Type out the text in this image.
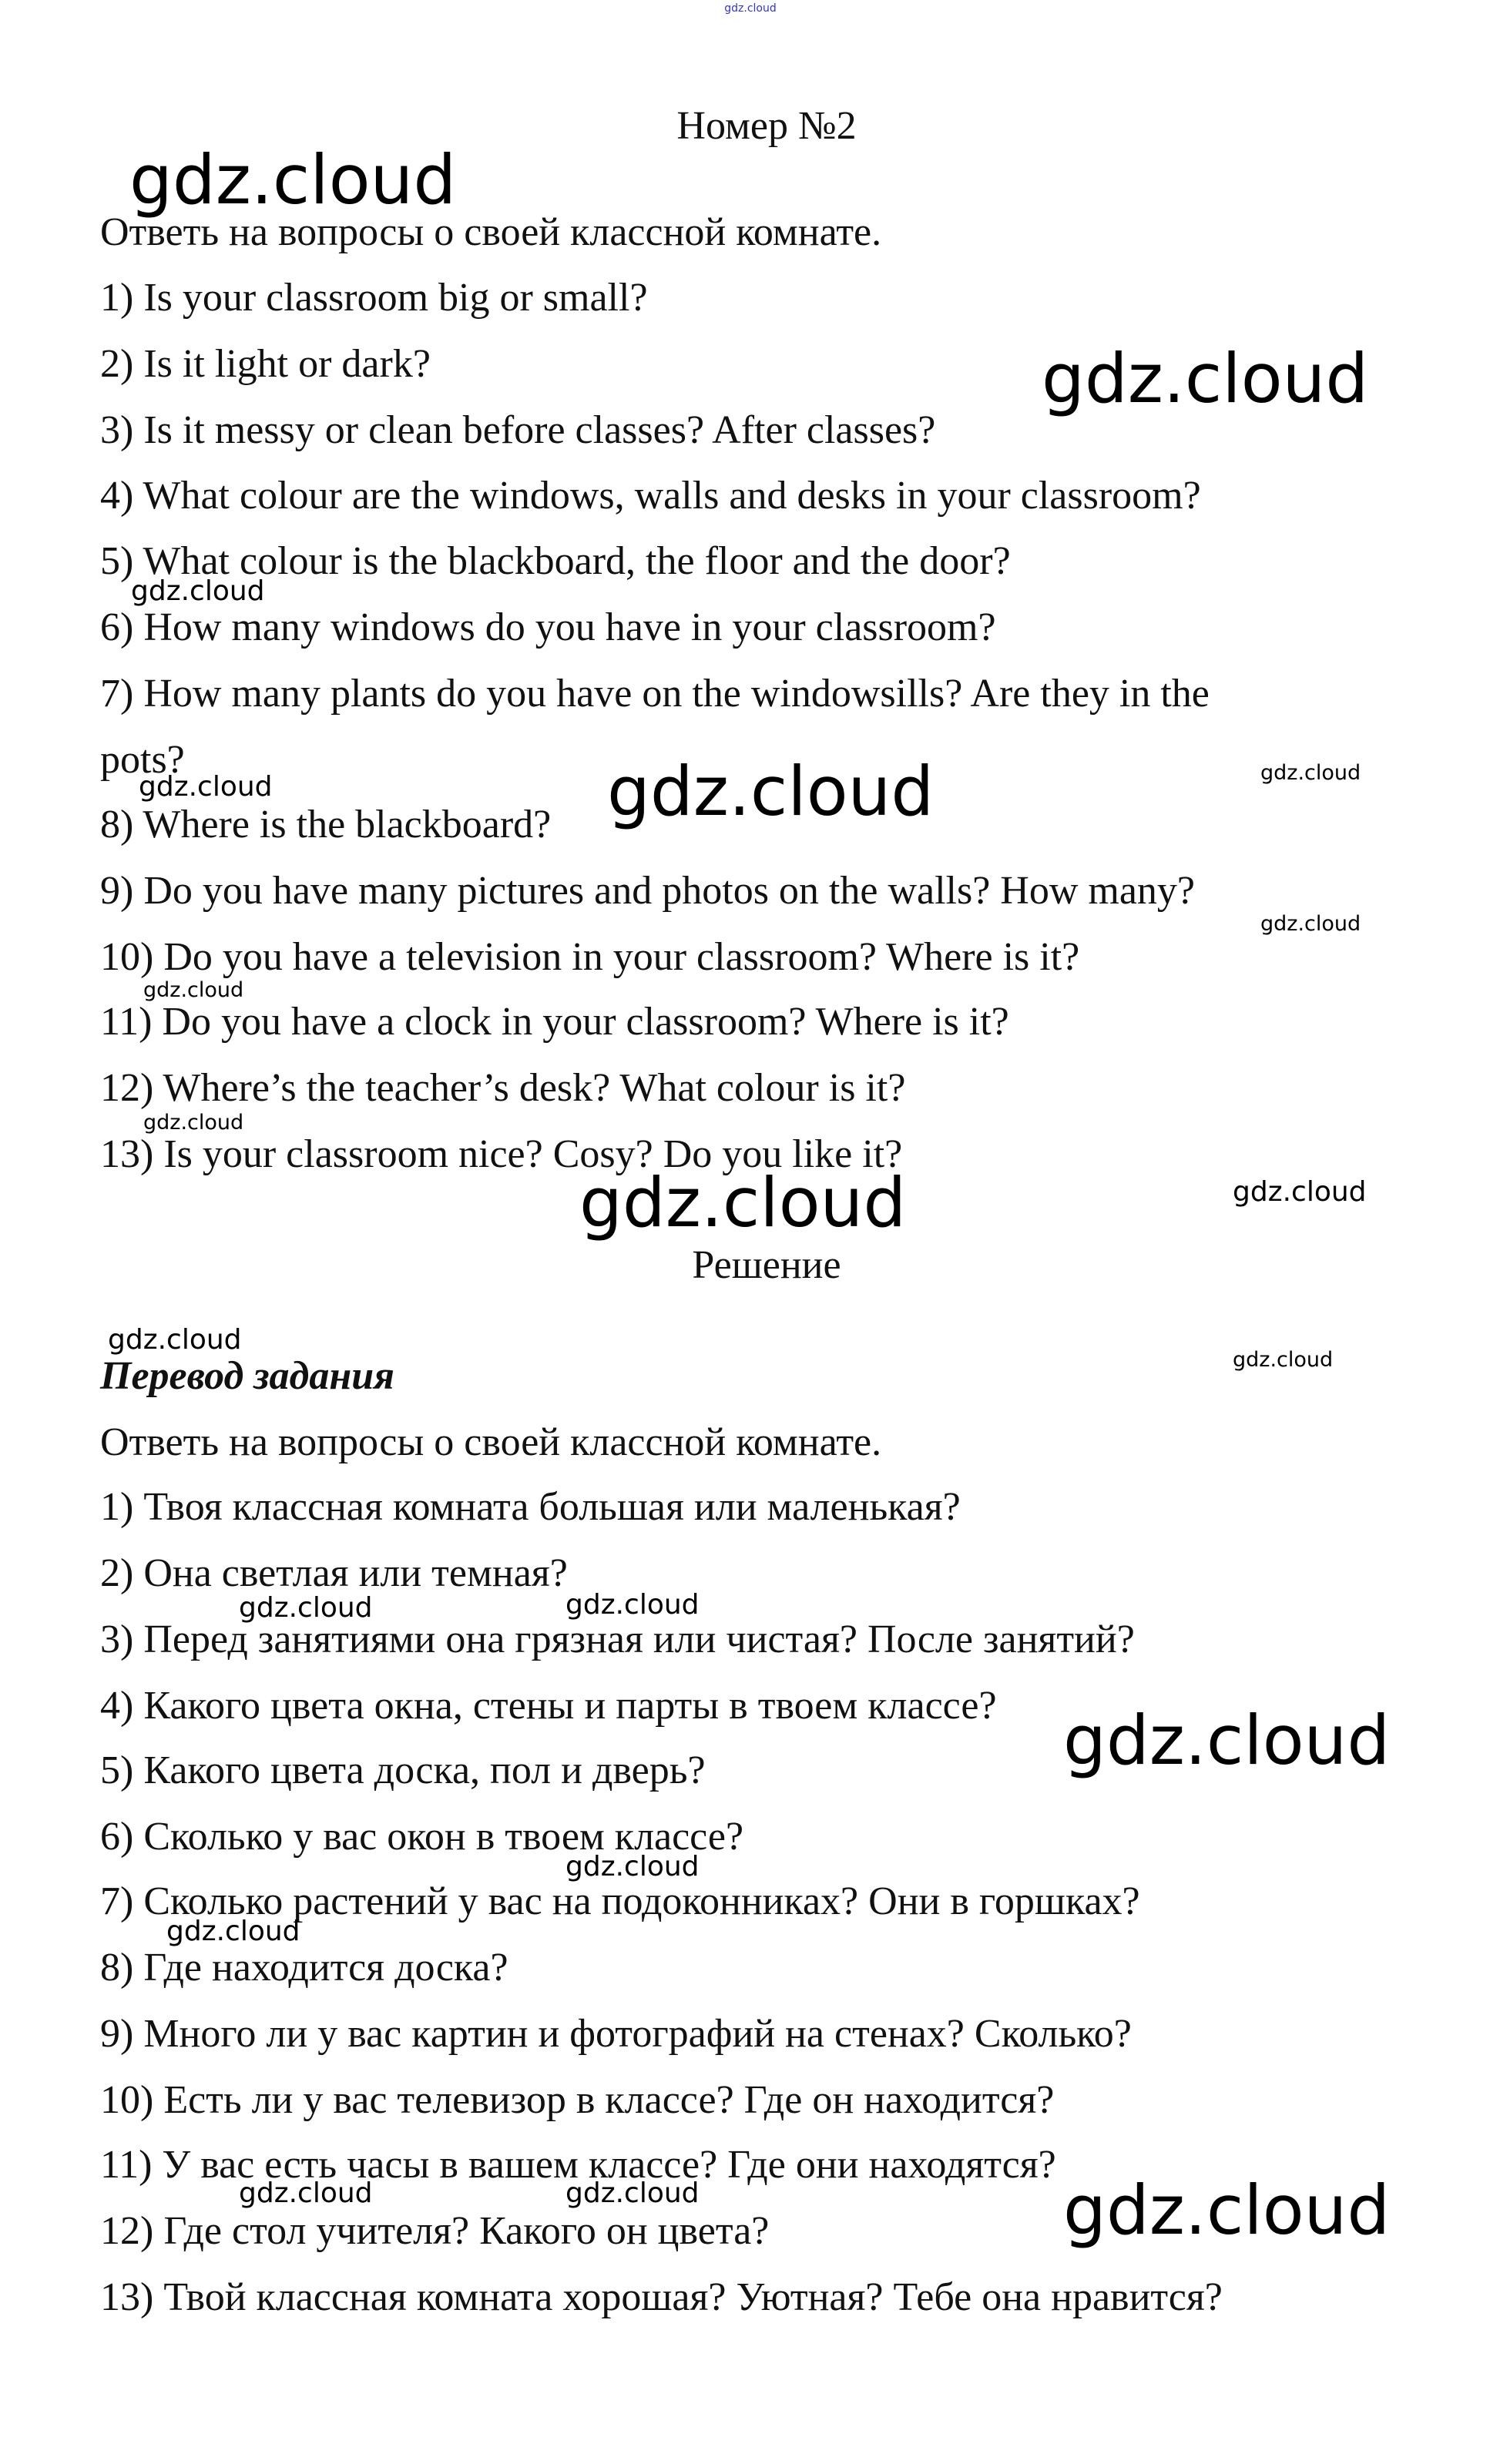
gdz.cloud
Номер №2
Ответь на вопросы о своей классной комнате.
1) Is your classroom big or small?
2) Is it light or dark?
3) Is it messy or clean before classes? After classes?
4) What colour are the windows, walls and desks in your classroom?
5) What colour is the blackboard, the floor and the door?
6) How many windows do you have in your classroom?
7) How many plants do you have on the windowsills? Are they in the
pots?
8) Where is the blackboard?
9) Do you have many pictures and photos on the walls? How many?
10) Do you have a television in your classroom? Where is it?
11) Do you have a clock in your classroom? Where is it?
12) Where’s the teacher’s desk? What colour is it?
13) Is your classroom nice? Cosy? Do you like it?
Решение
Перевод задания
Ответь на вопросы о своей классной комнате.
1) Твоя классная комната большая или маленькая?
2) Она светлая или темная?
3) Перед занятиями она грязная или чистая? После занятий?
4) Какого цвета окна, стены и парты в твоем классе?
5) Какого цвета доска, пол и дверь?
6) Сколько у вас окон в твоем классе?
7) Сколько растений у вас на подоконниках? Они в горшках?
8) Где находится доска?
9) Много ли у вас картин и фотографий на стенах? Сколько?
10) Есть ли у вас телевизор в классе? Где он находится?
11) У вас есть часы в вашем классе? Где они находятся?
12) Где стол учителя? Какого он цвета?
13) Твой классная комната хорошая? Уютная? Тебе она нравится?
gdz.cloud
gdz.cloud
gdz.cloud
gdz.cloud	gdz.cloud	gdz.cloud
gdz.cloud
gdz.cloud
gdz.cloud
gdz.cloud	gdz.cloud
gdz.cloud
gdz.cloud
gdz.cloud	gdz.cloud
gdz.cloud
gdz.cloud
gdz.cloud
gdz.cloud	gdz.cloud	gdz.cloud
